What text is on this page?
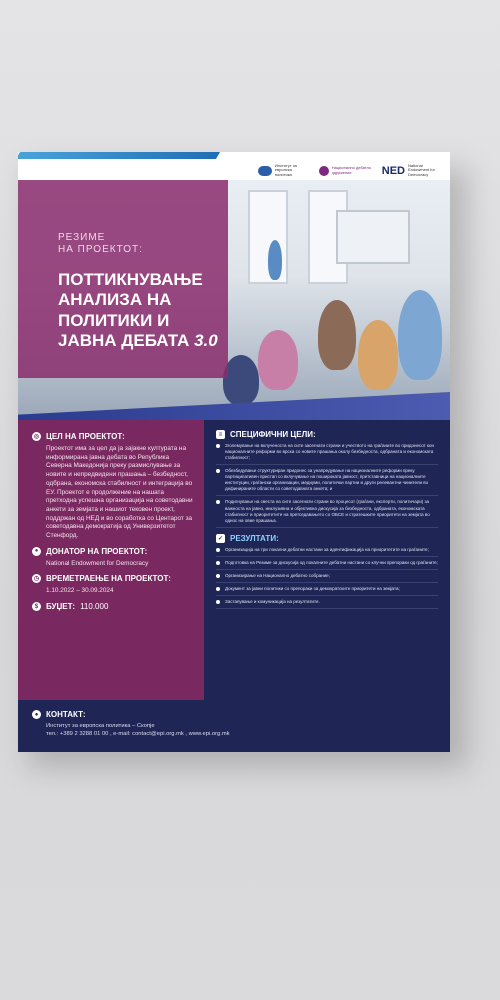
Институт за европска политика
Национално дебатно здружение	NED National Endowment for Democracy
РЕЗИМЕ
НА ПРОЕКТОТ:
ПОТТИКНУВАЊЕ
АНАЛИЗА НА
ПОЛИТИКИ И
ЈАВНА ДЕБАТА 3.0
◎ ЦЕЛ НА ПРОЕКТОТ:
Проектот има за цел да ја зајакне културата на информирана јавна дебата во Република Северна Македонија преку размислување за новите и непредвидени прашања – безбедност, одбрана, економска стабилност и интеграција во ЕУ. Проектот е продолжение на нашата претходна успешна организација на советодавни анкети за земјата и нашиот текoвен проект, поддржан од НЕД и во соработка со Центарот за советодавна демократија од Универзитетот Стенфорд.
● ДОНАТОР НА ПРОЕКТОТ:
National Endowment for Democracy
◷ ВРЕМЕТРАЕЊЕ НА ПРОЕКТОТ:
1.10.2022 – 30.09.2024
$ БУЏЕТ: 110.000
≡ СПЕЦИФИЧНИ ЦЕЛИ:
Зголемување на вклученоста на сите засегнати страни и учеството на граѓаните во придонесот кон националните реформи во врска со новите прашања околу безбедноста, одбраната и економската стабилност;
Обезбедување структуриран придонес за унапредување на националните реформи преку партиципативен пристап со вклучување на пошироката јавност, претставници на националните институции, граѓански организации, медиуми, политички партии и други релевантни чинители во дефинираните области со советодавната анкета; и
Подигнување на свеста на сите засегнати страни во процесот (граѓани, експерти, политичари) за важноста на јавно, инклузивна и објективна дискусија за безбедноста, одбраната, економската стабилност и приоритетите на претседавањето со ОБСЕ и стратешките приоритети на земјата во однос на овие прашања.
✓ РЕЗУЛТАТИ:
Организација на три локални дебатни настани за идентификација на приоритетите на граѓаните;
Подготовка на Резиме за дискусија од локалните дебатни настани со клучни препораки од граѓаните;
Организирање на Национално дебатно собрание;
Документ за јавни политики со препораки за демократските приоритети на земјата;
Застапување и комуникација на резултатите.
● КОНТАКТ:
Институт за европска политика – Скопје
тел.: +389 2 3288 01 00 , e-mail: contact@epi.org.mk , www.epi.org.mk
